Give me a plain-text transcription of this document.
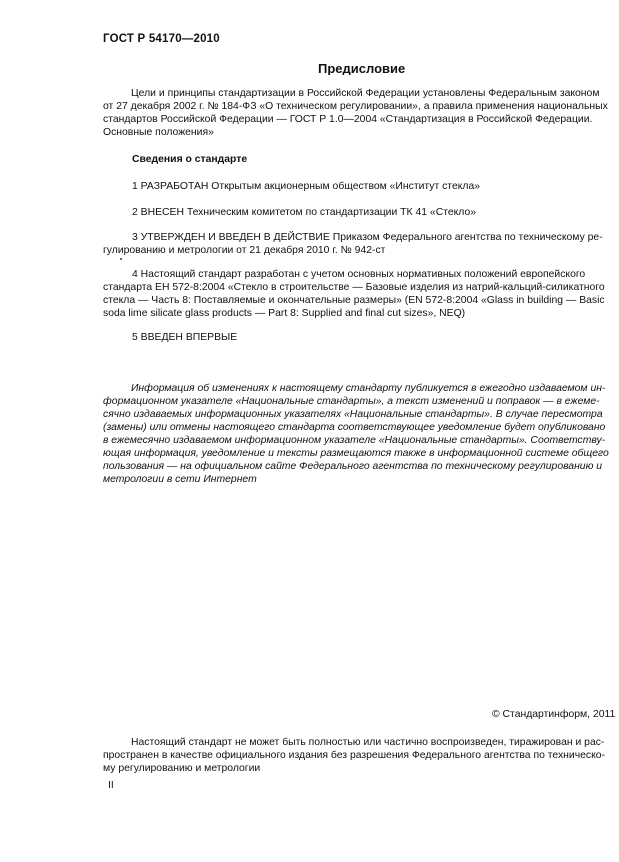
ГОСТ Р 54170—2010
Предисловие
Цели и принципы стандартизации в Российской Федерации установлены Федеральным законом
от 27 декабря 2002 г. № 184-ФЗ «О техническом регулировании», а правила применения национальных
стандартов Российской Федерации — ГОСТ Р 1.0—2004 «Стандартизация в Российской Федерации.
Основные положения»
Сведения о стандарте
1 РАЗРАБОТАН Открытым акционерным обществом «Институт стекла»
2 ВНЕСЕН Техническим комитетом по стандартизации ТК 41 «Стекло»
3 УТВЕРЖДЕН И ВВЕДЕН В ДЕЙСТВИЕ Приказом Федерального агентства по техническому ре-
гулированию и метрологии от 21 декабря 2010 г. № 942-ст
4 Настоящий стандарт разработан с учетом основных нормативных положений европейского
стандарта ЕН 572-8:2004 «Стекло в строительстве — Базовые изделия из натрий-кальций-силикатного
стекла — Часть 8: Поставляемые и окончательные размеры» (EN 572-8:2004 «Glass in building — Basic
soda lime silicate glass products — Part 8: Supplied and final cut sizes», NEQ)
5 ВВЕДЕН ВПЕРВЫЕ
Информация об изменениях к настоящему стандарту публикуется в ежегодно издаваемом ин-
формационном указателе «Национальные стандарты», а текст изменений и поправок — в ежеме-
сячно издаваемых информационных указателях «Национальные стандарты». В случае пересмотра
(замены) или отмены настоящего стандарта соответствующее уведомление будет опубликовано
в ежемесячно издаваемом информационном указателе «Национальные стандарты». Соответству-
ющая информация, уведомление и тексты размещаются также в информационной системе общего
пользования — на официальном сайте Федерального агентства по техническому регулированию и
метрологии в сети Интернет
© Стандартинформ, 2011
Настоящий стандарт не может быть полностью или частично воспроизведен, тиражирован и рас-
пространен в качестве официального издания без разрешения Федерального агентства по техническо-
му регулированию и метрологии
II
